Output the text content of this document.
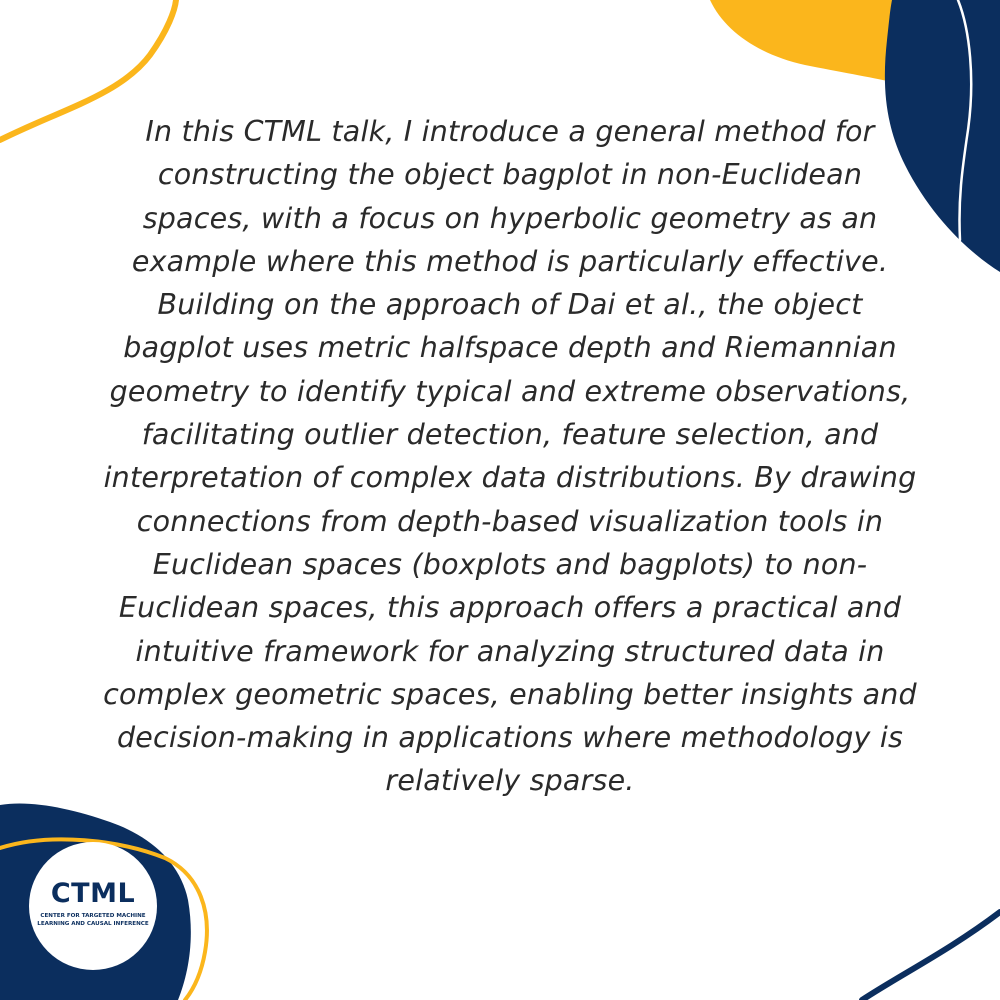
In this CTML talk, I introduce a general method for constructing the object bagplot in non-Euclidean spaces, with a focus on hyperbolic geometry as an example where this method is particularly effective. Building on the approach of Dai et al., the object bagplot uses metric halfspace depth and Riemannian geometry to identify typical and extreme observations, facilitating outlier detection, feature selection, and interpretation of complex data distributions. By drawing connections from depth-based visualization tools in Euclidean spaces (boxplots and bagplots) to non-Euclidean spaces, this approach offers a practical and intuitive framework for analyzing structured data in complex geometric spaces, enabling better insights and decision-making in applications where methodology is relatively sparse.

CTML
CENTER FOR TARGETED MACHINE
LEARNING AND CAUSAL INFERENCE
